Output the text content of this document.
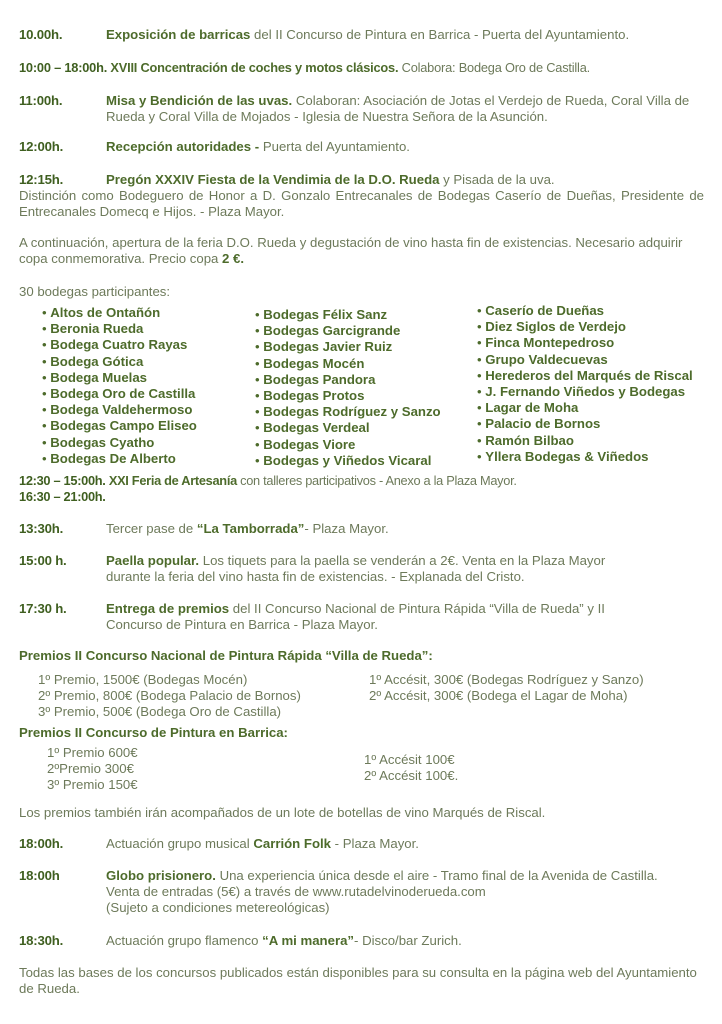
10.00h.	Exposición de barricas del II Concurso de Pintura en Barrica - Puerta del Ayuntamiento.
10:00 – 18:00h. XVIII Concentración de coches y motos clásicos. Colabora: Bodega Oro de Castilla.
11:00h.	Misa y Bendición de las uvas. Colaboran: Asociación de Jotas el Verdejo de Rueda, Coral Villa de Rueda y Coral Villa de Mojados - Iglesia de Nuestra Señora de la Asunción.
12:00h.	Recepción autoridades - Puerta del Ayuntamiento.
12:15h.	Pregón XXXIV Fiesta de la Vendimia de la D.O. Rueda y Pisada de la uva.
Distinción como Bodeguero de Honor a D. Gonzalo Entrecanales de Bodegas Caserío de Dueñas, Presidente de Entrecanales Domecq e Hijos. - Plaza Mayor.
A continuación, apertura de la feria D.O. Rueda y degustación de vino hasta fin de existencias. Necesario adquirir copa conmemorativa. Precio copa 2 €.
30 bodegas participantes:
• Altos de Ontañón
• Beronia Rueda
• Bodega Cuatro Rayas
• Bodega Gótica
• Bodega Muelas
• Bodega Oro de Castilla
• Bodega Valdehermoso
• Bodegas Campo Eliseo
• Bodegas Cyatho
• Bodegas De Alberto
• Bodegas Félix Sanz
• Bodegas Garcigrande
• Bodegas Javier Ruiz
• Bodegas Mocén
• Bodegas Pandora
• Bodegas Protos
• Bodegas Rodríguez y Sanzo
• Bodegas Verdeal
• Bodegas Viore
• Bodegas y Viñedos Vicaral
• Caserío de Dueñas
• Diez Siglos de Verdejo
• Finca Montepedroso
• Grupo Valdecuevas
• Herederos del Marqués de Riscal
• J. Fernando Viñedos y Bodegas
• Lagar de Moha
• Palacio de Bornos
• Ramón Bilbao
• Yllera Bodegas & Viñedos
12:30 – 15:00h. XXI Feria de Artesanía con talleres participativos - Anexo a la Plaza Mayor.
16:30 – 21:00h.
13:30h.	Tercer pase de “La Tamborrada”- Plaza Mayor.
15:00 h.	Paella popular. Los tiquets para la paella se venderán a 2€. Venta en la Plaza Mayor durante la feria del vino hasta fin de existencias. - Explanada del Cristo.
17:30 h.	Entrega de premios del II Concurso Nacional de Pintura Rápida “Villa de Rueda” y II Concurso de Pintura en Barrica - Plaza Mayor.
Premios II Concurso Nacional de Pintura Rápida “Villa de Rueda”:
1º Premio, 1500€ (Bodegas Mocén)
2º Premio, 800€ (Bodega Palacio de Bornos)
3º Premio, 500€ (Bodega Oro de Castilla)
1º Accésit, 300€ (Bodegas Rodríguez y Sanzo)
2º Accésit, 300€ (Bodega el Lagar de Moha)
Premios II Concurso de Pintura en Barrica:
1º Premio 600€
2ºPremio 300€
3º Premio 150€
1º Accésit 100€
2º Accésit 100€.
Los premios también irán acompañados de un lote de botellas de vino Marqués de Riscal.
18:00h.	Actuación grupo musical Carrión Folk - Plaza Mayor.
18:00h	Globo prisionero. Una experiencia única desde el aire - Tramo final de la Avenida de Castilla. Venta de entradas (5€) a través de www.rutadelvinoderueda.com
(Sujeto a condiciones metereológicas)
18:30h.	Actuación grupo flamenco “A mi manera”- Disco/bar Zurich.
Todas las bases de los concursos publicados están disponibles para su consulta en la página web del Ayuntamiento de Rueda.
